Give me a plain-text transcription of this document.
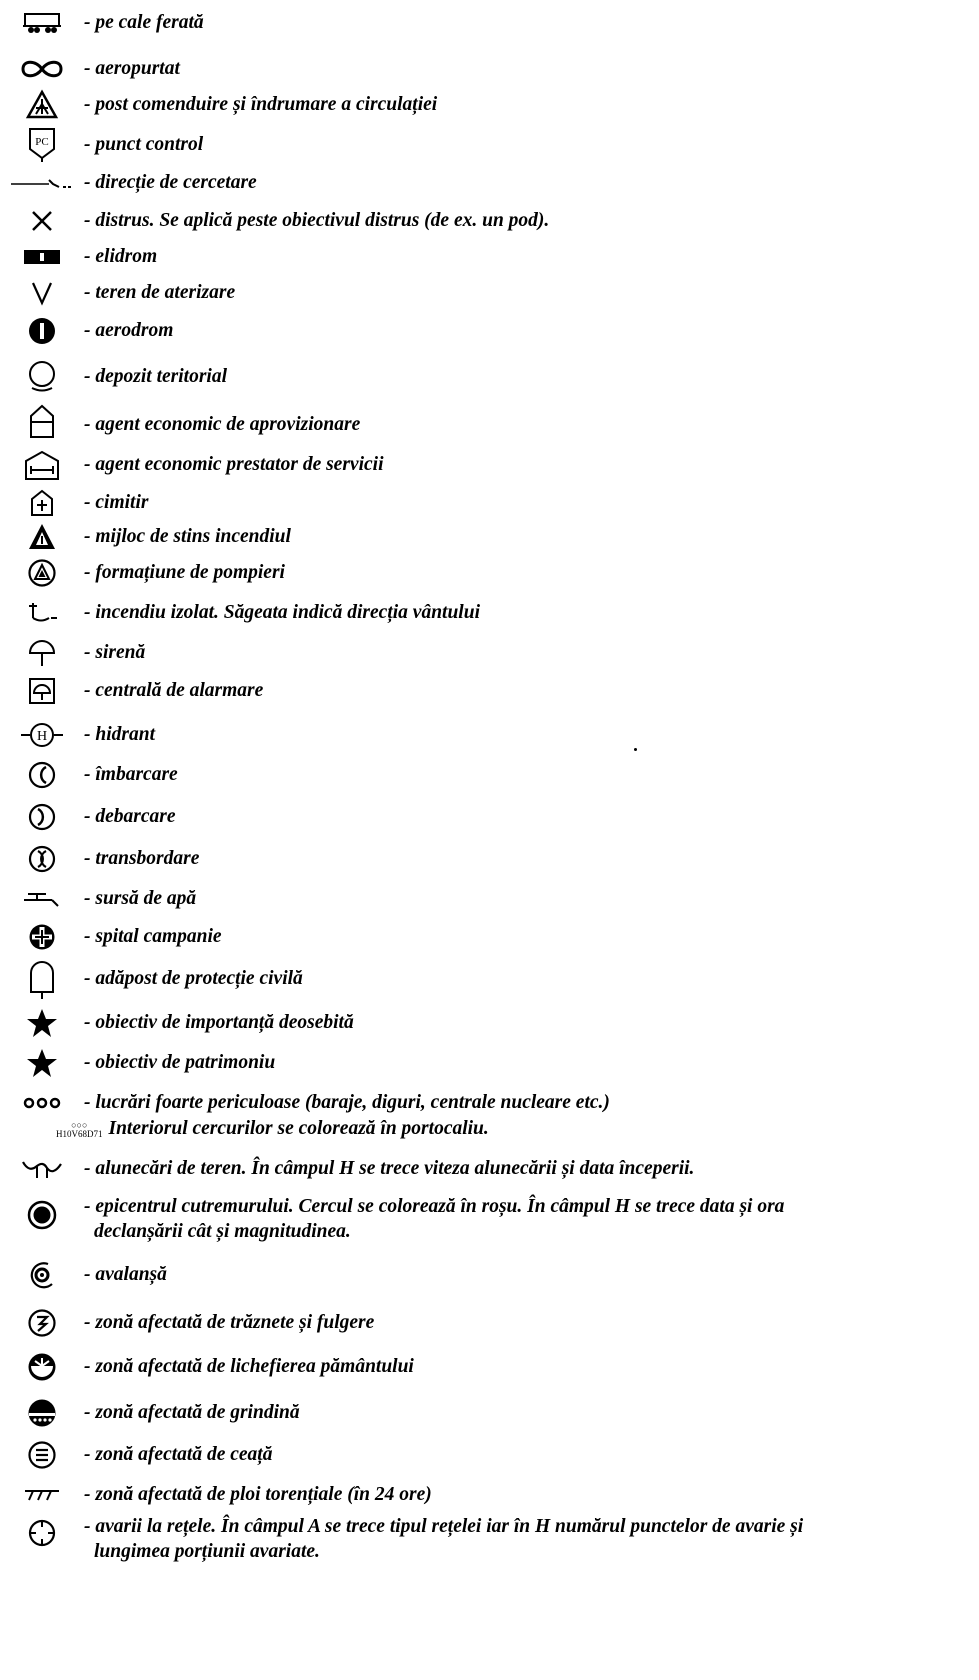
- pe cale ferată
- aeropurtat
- post comenduire și îndrumare a circulației
PC - punct control
- direcție de cercetare
- distrus. Se aplică peste obiectivul distrus (de ex. un pod).
- elidrom
- teren de aterizare
- aerodrom
- depozit teritorial
- agent economic de aprovizionare
- agent economic prestator de servicii
- cimitir
- mijloc de stins incendiul
- formațiune de pompieri
- incendiu izolat. Săgeata indică direcția vântului
- sirenă
- centrală de alarmare
H - hidrant
- îmbarcare
- debarcare
- transbordare
- sursă de apă
- spital campanie
- adăpost de protecție civilă
- obiectiv de importanță deosebită
- obiectiv de patrimoniu
- lucrări foarte periculoase (baraje, diguri, centrale nucleare etc.)
○○○
H10V68D71 Interiorul cercurilor se colorează în portocaliu.
- alunecări de teren. În câmpul H se trece viteza alunecării și data începerii.
- epicentrul cutremurului. Cercul se colorează în roșu. În câmpul H se trece data și ora
declanșării cât și magnitudinea.
- avalanșă
- zonă afectată de trăznete și fulgere
- zonă afectată de lichefierea pământului
- zonă afectată de grindină
- zonă afectată de ceață
- zonă afectată de ploi torențiale (în 24 ore)
- avarii la rețele. În câmpul A se trece tipul rețelei iar în H numărul punctelor de avarie și
lungimea porțiunii avariate.
